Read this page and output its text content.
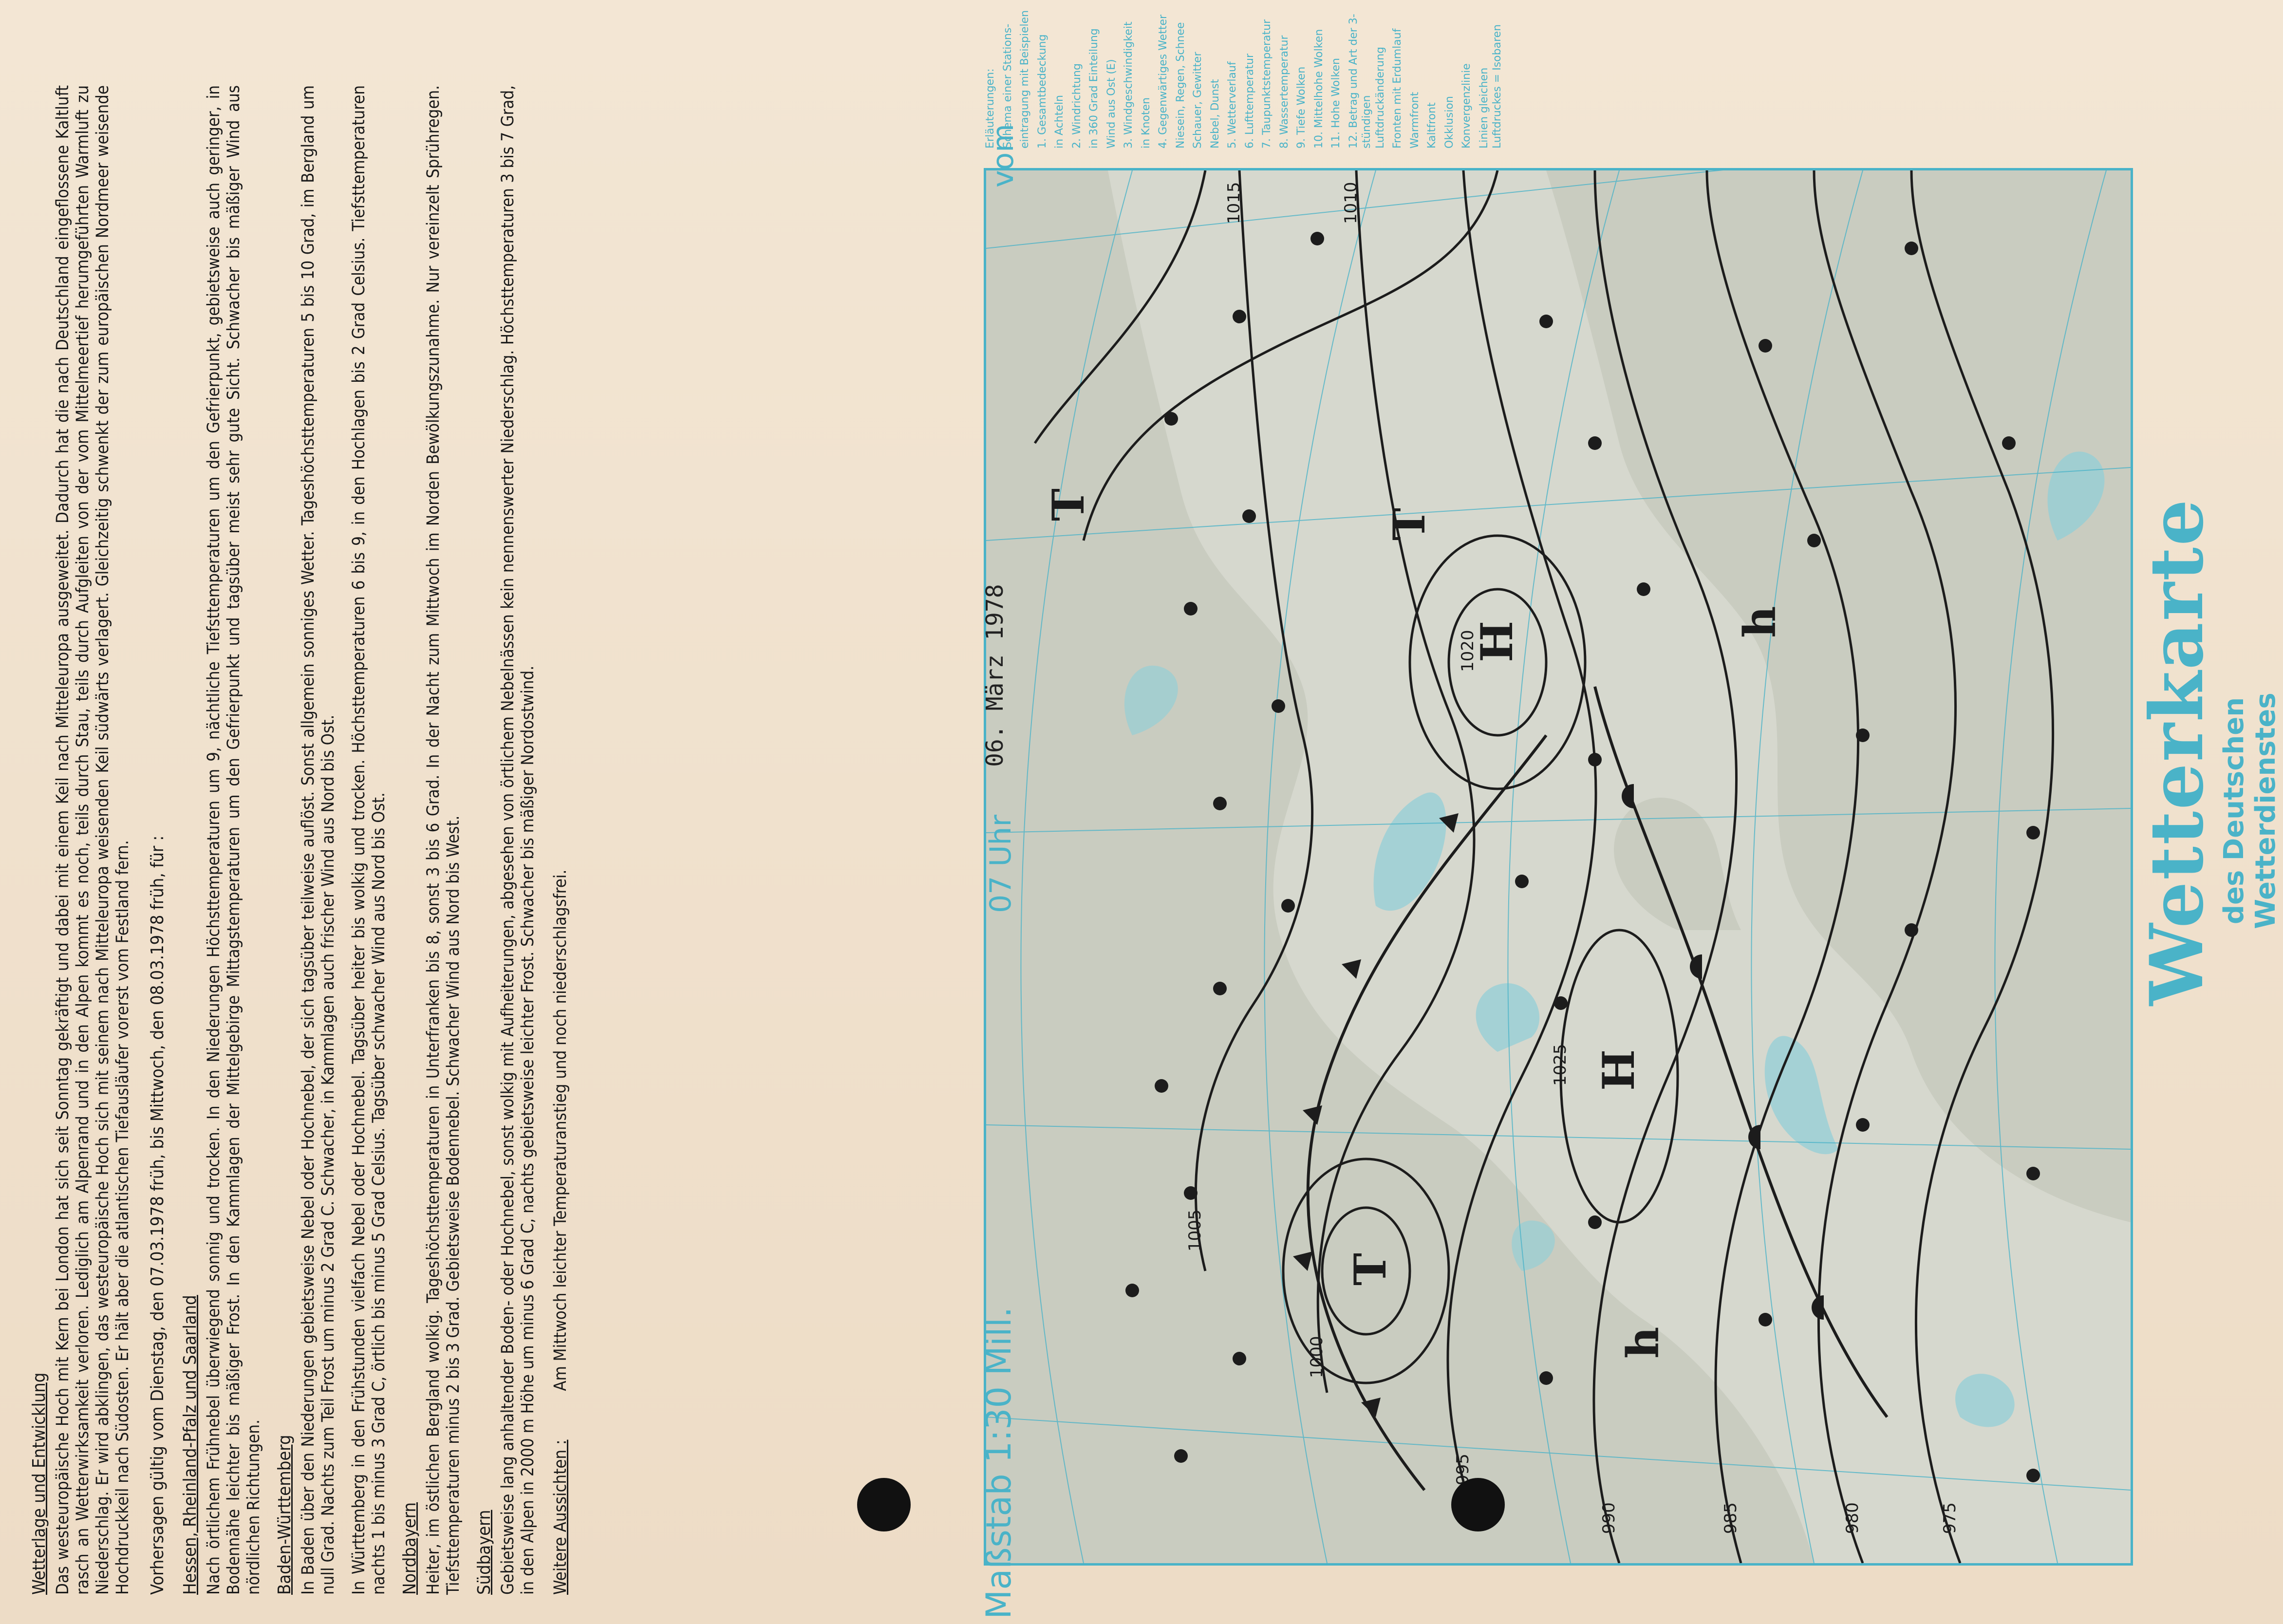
Wetterkarte
des Deutschen Wetterdienstes
975
980
985
990
995
1000
1005
1010
1015
1020
1025
T
T
H
H
h
h
T
vom
06. März 1978
07 Uhr
Maßstab 1:30 Mill.
Erläuterungen: Schema einer Stations- eintragung mit Beispielen 1. Gesamtbedeckung in Achteln 2. Windrichtung in 360 Grad Einteilung Wind aus Ost (E) 3. Windgeschwindigkeit in Knoten 4. Gegenwärtiges Wetter Niesein, Regen, Schnee Schauer, Gewitter Nebel, Dunst 5. Wetterverlauf 6. Lufttemperatur 7. Taupunktstemperatur 8. Wassertemperatur 9. Tiefe Wolken 10. Mittelhohe Wolken 11. Hohe Wolken 12. Betrag und Art der 3-stündigen Luftdruckänderung Fronten mit Erdumlauf Warmfront Kaltfront Okklusion Konvergenzlinie Linien gleichen Luftdruckes = Isobaren
Wetterlage und Entwicklung Das westeuropäische Hoch mit Kern bei London hat sich seit Sonntag gekräftigt und dabei mit einem Keil nach Mitteleuropa ausgeweitet. Dadurch hat die nach Deutschland eingeflossene Kaltluft rasch an Wetterwirksamkeit verloren. Lediglich am Alpenrand und in den Alpen kommt es noch, teils durch Stau, teils durch Aufgleiten von der vom Mittelmeertief herumgeführten Warmluft zu Niederschlag. Er wird abklingen, das westeuropäische Hoch sich mit seinem nach Mitteleuropa weisenden Keil südwärts verlagert. Gleichzeitig schwenkt der zum europäischen Nordmeer weisende Hochdruckkeil nach Südosten. Er hält aber die atlantischen Tiefausläufer vorerst vom Festland fern. Vorhersagen gültig vom Dienstag, den 07.03.1978 früh, bis Mittwoch, den 08.03.1978 früh, für : Hessen, Rheinland-Pfalz und Saarland Nach örtlichem Frühnebel überwiegend sonnig und trocken. In den Niederungen Höchsttemperaturen um 9, nächtliche Tiefsttemperaturen um den Gefrierpunkt, gebietsweise auch geringer, in Bodennähe leichter bis mäßiger Frost. In den Kammlagen der Mittelgebirge Mittagstemperaturen um den Gefrierpunkt und tagsüber meist sehr gute Sicht. Schwacher bis mäßiger Wind aus nördlichen Richtungen. Baden-Württemberg In Baden über den Niederungen gebietsweise Nebel oder Hochnebel, der sich tagsüber teilweise auflöst. Sonst allgemein sonniges Wetter. Tageshöchsttemperaturen 5 bis 10 Grad, im Bergland um null Grad. Nachts zum Teil Frost um minus 2 Grad C. Schwacher, in Kammlagen auch frischer Wind aus Nord bis Ost. In Württemberg in den Frühstunden vielfach Nebel oder Hochnebel. Tagsüber heiter bis wolkig und trocken. Höchsttemperaturen 6 bis 9, in den Hochlagen bis 2 Grad Celsius. Tiefsttemperaturen nachts 1 bis minus 3 Grad C, örtlich bis minus 5 Grad Celsius. Tagsüber schwacher Wind aus Nord bis Ost. Nordbayern Heiter, im östlichen Bergland wolkig. Tageshöchsttemperaturen in Unterfranken bis 8, sonst 3 bis 6 Grad. In der Nacht zum Mittwoch im Norden Bewölkungszunahme. Nur vereinzelt Sprühregen. Tiefsttemperaturen minus 2 bis 3 Grad. Gebietsweise Bodennebel. Schwacher Wind aus Nord bis West. Südbayern Gebietsweise lang anhaltender Boden- oder Hochnebel, sonst wolkig mit Aufheiterungen, abgesehen von örtlichem Nebelnässen kein nennenswerter Niederschlag. Höchsttemperaturen 3 bis 7 Grad, in den Alpen in 2000 m Höhe um minus 6 Grad C, nachts gebietsweise leichter Frost. Schwacher bis mäßiger Nordostwind. Weitere Aussichten : Am Mittwoch leichter Temperaturanstieg und noch niederschlagsfrei.
